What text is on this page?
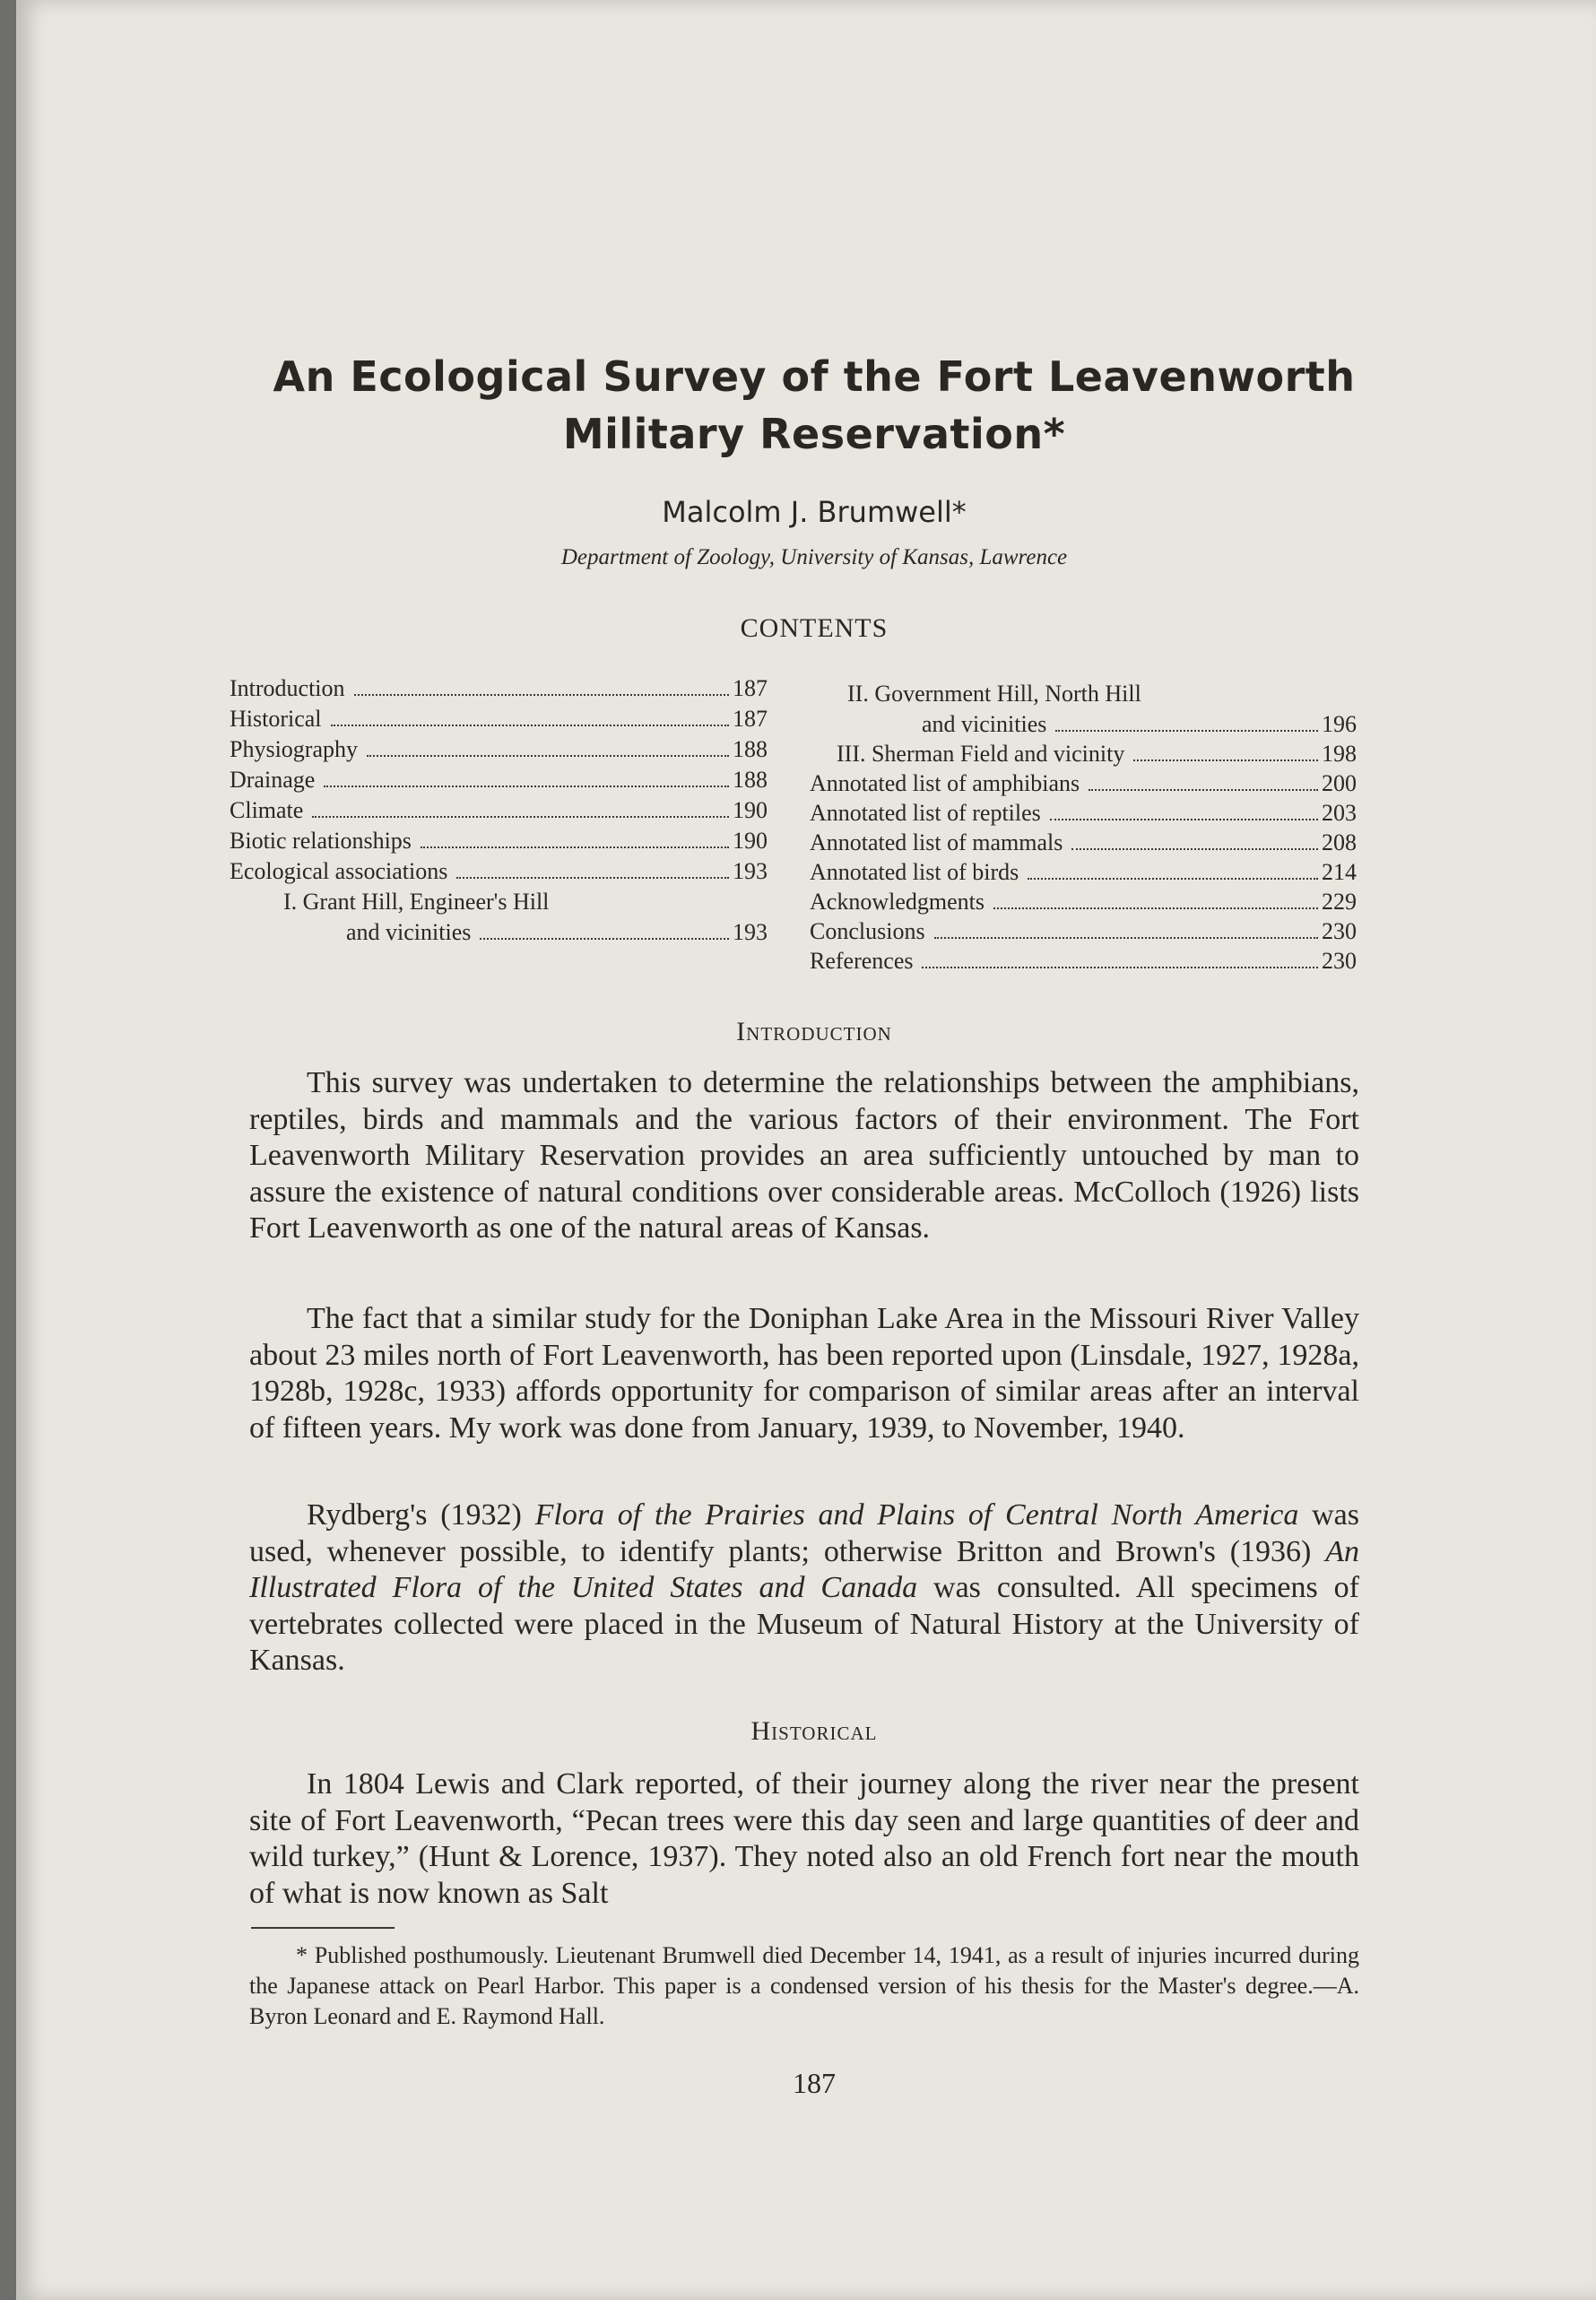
An Ecological Survey of the Fort Leavenworth
Military Reservation*
Malcolm J. Brumwell*
Department of Zoology, University of Kansas, Lawrence
CONTENTS
Introduction	187
Historical	187
Physiography	188
Drainage	188
Climate	190
Biotic relationships	190
Ecological associations	193
I. Grant Hill, Engineer's Hill
and vicinities	193
II. Government Hill, North Hill
and vicinities	196
III. Sherman Field and vicinity	198
Annotated list of amphibians	200
Annotated list of reptiles	203
Annotated list of mammals	208
Annotated list of birds	214
Acknowledgments	229
Conclusions	230
References	230
Introduction

This survey was undertaken to determine the relationships between the amphibians, reptiles, birds and mammals and the various factors of their environment. The Fort Leavenworth Military Reservation provides an area sufficiently untouched by man to assure the existence of natural conditions over considerable areas. McColloch (1926) lists Fort Leavenworth as one of the natural areas of Kansas.

The fact that a similar study for the Doniphan Lake Area in the Missouri River Valley about 23 miles north of Fort Leavenworth, has been reported upon (Linsdale, 1927, 1928a, 1928b, 1928c, 1933) affords opportunity for comparison of similar areas after an interval of fifteen years. My work was done from January, 1939, to November, 1940.

Rydberg's (1932) Flora of the Prairies and Plains of Central North America was used, whenever possible, to identify plants; otherwise Britton and Brown's (1936) An Illustrated Flora of the United States and Canada was consulted. All specimens of vertebrates collected were placed in the Museum of Natural History at the University of Kansas.

Historical

In 1804 Lewis and Clark reported, of their journey along the river near the present site of Fort Leavenworth, “Pecan trees were this day seen and large quantities of deer and wild turkey,” (Hunt & Lorence, 1937). They noted also an old French fort near the mouth of what is now known as Salt

* Published posthumously. Lieutenant Brumwell died December 14, 1941, as a result of injuries incurred during the Japanese attack on Pearl Harbor. This paper is a condensed version of his thesis for the Master's degree.—A. Byron Leonard and E. Raymond Hall.

187
